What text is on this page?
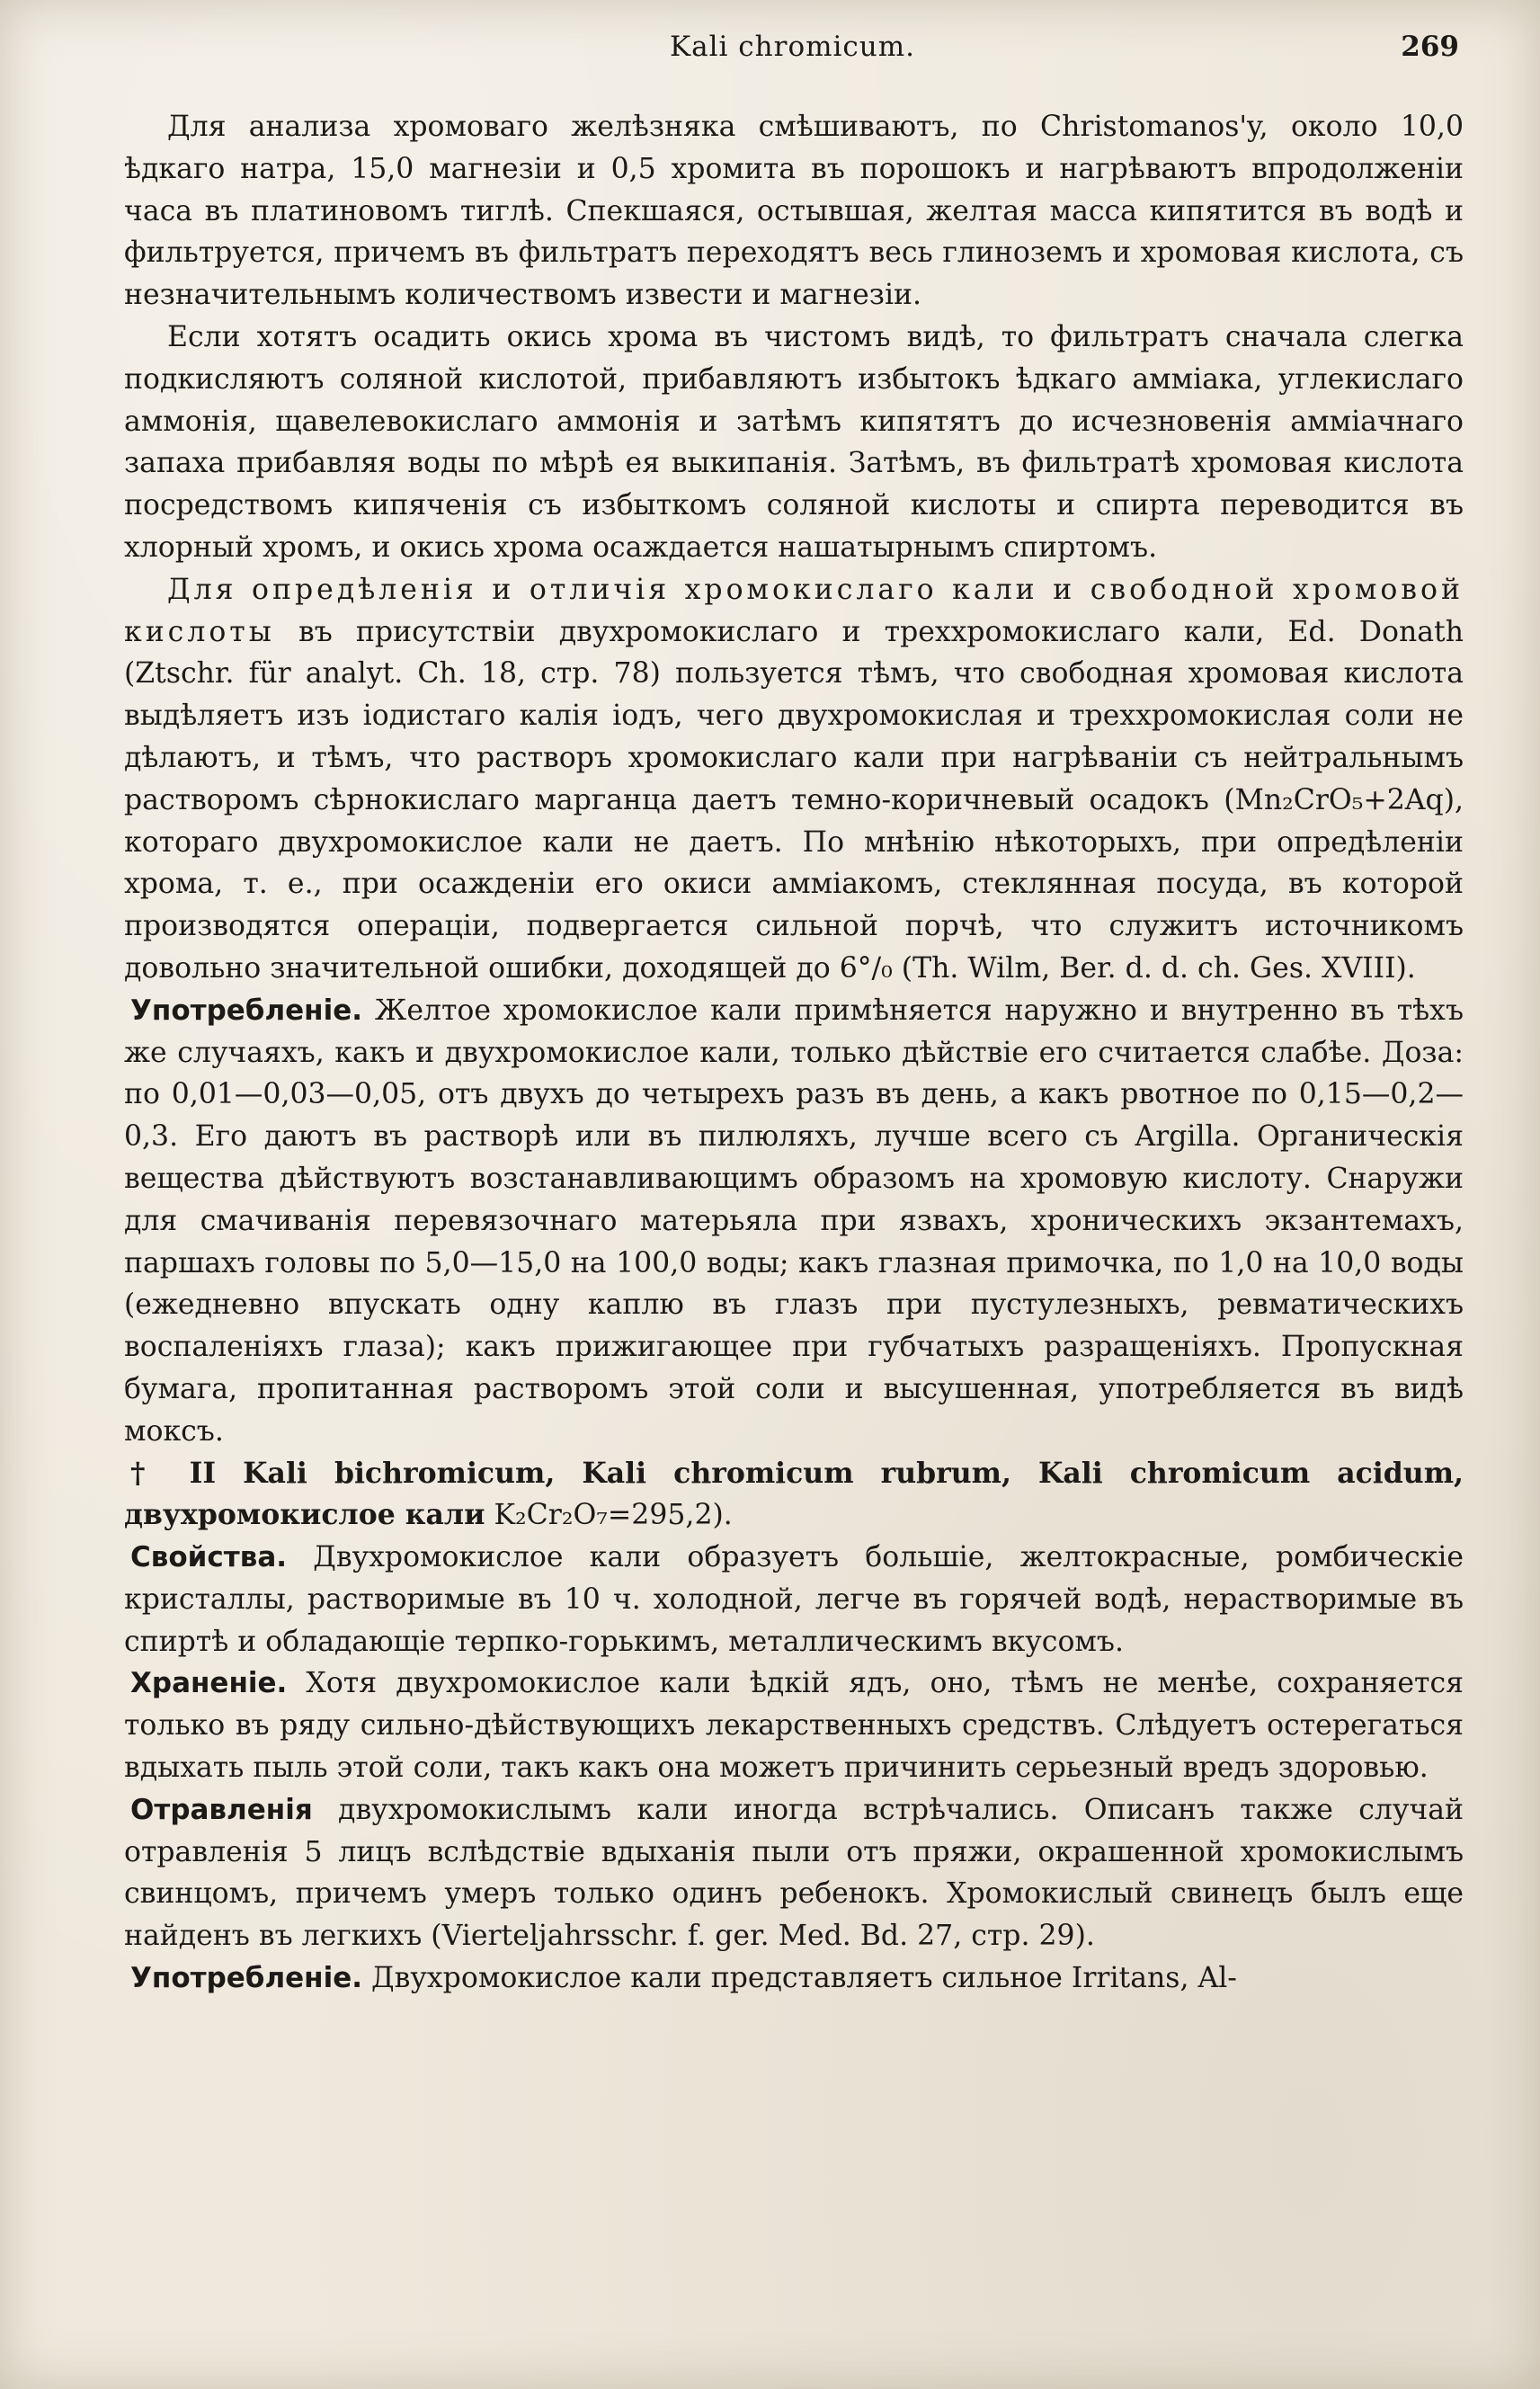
Kali chromicum.	269

Для анализа хромоваго желѣзняка смѣшиваютъ, по Christomanos'y, около 10,0 ѣдкаго натра, 15,0 магнезіи и 0,5 хромита въ порошокъ и нагрѣваютъ впродолженіи часа въ платиновомъ тиглѣ. Спекшаяся, остывшая, желтая масса кипятится въ водѣ и фильтруется, причемъ въ фильтратъ переходятъ весь глиноземъ и хромовая кислота, съ незначительнымъ количествомъ извести и магнезіи.

Если хотятъ осадить окись хрома въ чистомъ видѣ, то фильтратъ сначала слегка подкисляютъ соляной кислотой, прибавляютъ избытокъ ѣдкаго амміака, углекислаго аммонія, щавелевокислаго аммонія и затѣмъ кипятятъ до исчезновенія амміачнаго запаха прибавляя воды по мѣрѣ ея выкипанія. Затѣмъ, въ фильтратѣ хромовая кислота посредствомъ кипяченія съ избыткомъ соляной кислоты и спирта переводится въ хлорный хромъ, и окись хрома осаждается нашатырнымъ спиртомъ.

Для опредѣленія и отличія хромокислаго кали и свободной хромовой кислоты въ присутствіи двухромокислаго и треххромокислаго кали, Ed. Donath (Ztschr. für analyt. Ch. 18, стр. 78) пользуется тѣмъ, что свободная хромовая кислота выдѣляетъ изъ іодистаго калія іодъ, чего двухромокислая и треххромокислая соли не дѣлаютъ, и тѣмъ, что растворъ хромокислаго кали при нагрѣваніи съ нейтральнымъ растворомъ сѣрнокислаго марганца даетъ темно-коричневый осадокъ (Mn₂CrO₅+2Aq), котораго двухромокислое кали не даетъ. По мнѣнію нѣкоторыхъ, при опредѣленіи хрома, т. е., при осажденіи его окиси амміакомъ, стеклянная посуда, въ которой производятся операціи, подвергается сильной порчѣ, что служитъ источникомъ довольно значительной ошибки, доходящей до 6°/₀ (Th. Wilm, Ber. d. d. ch. Ges. XVIII).

Употребленіе. Желтое хромокислое кали примѣняется наружно и внутренно въ тѣхъ же случаяхъ, какъ и двухромокислое кали, только дѣйствіе его считается слабѣе. Доза: по 0,01—0,03—0,05, отъ двухъ до четырехъ разъ въ день, а какъ рвотное по 0,15—0,2—0,3. Его даютъ въ растворѣ или въ пилюляхъ, лучше всего съ Argilla. Органическія вещества дѣйствуютъ возстанавливающимъ образомъ на хромовую кислоту. Снаружи для смачиванія перевязочнаго матерьяла при язвахъ, хроническихъ экзантемахъ, паршахъ головы по 5,0—15,0 на 100,0 воды; какъ глазная примочка, по 1,0 на 10,0 воды (ежедневно впускать одну каплю въ глазъ при пустулезныхъ, ревматическихъ воспаленіяхъ глаза); какъ прижигающее при губчатыхъ разращеніяхъ. Пропускная бумага, пропитанная растворомъ этой соли и высушенная, употребляется въ видѣ моксъ.

† II Kali bichromicum, Kali chromicum rubrum, Kali chromicum acidum, двухромокислое кали K₂Cr₂O₇=295,2).

Свойства. Двухромокислое кали образуетъ большіе, желтокрасные, ромбическіе кристаллы, растворимые въ 10 ч. холодной, легче въ горячей водѣ, нерастворимые въ спиртѣ и обладающіе терпко-горькимъ, металлическимъ вкусомъ.

Храненіе. Хотя двухромокислое кали ѣдкій ядъ, оно, тѣмъ не менѣе, сохраняется только въ ряду сильно-дѣйствующихъ лекарственныхъ средствъ. Слѣдуетъ остерегаться вдыхать пыль этой соли, такъ какъ она можетъ причинить серьезный вредъ здоровью.

Отравленія двухромокислымъ кали иногда встрѣчались. Описанъ также случай отравленія 5 лицъ вслѣдствіе вдыханія пыли отъ пряжи, окрашенной хромокислымъ свинцомъ, причемъ умеръ только одинъ ребенокъ. Хромокислый свинецъ былъ еще найденъ въ легкихъ (Vierteljahrsschr. f. ger. Med. Bd. 27, стр. 29).

Употребленіе. Двухромокислое кали представляетъ сильное Irritans, Al-
